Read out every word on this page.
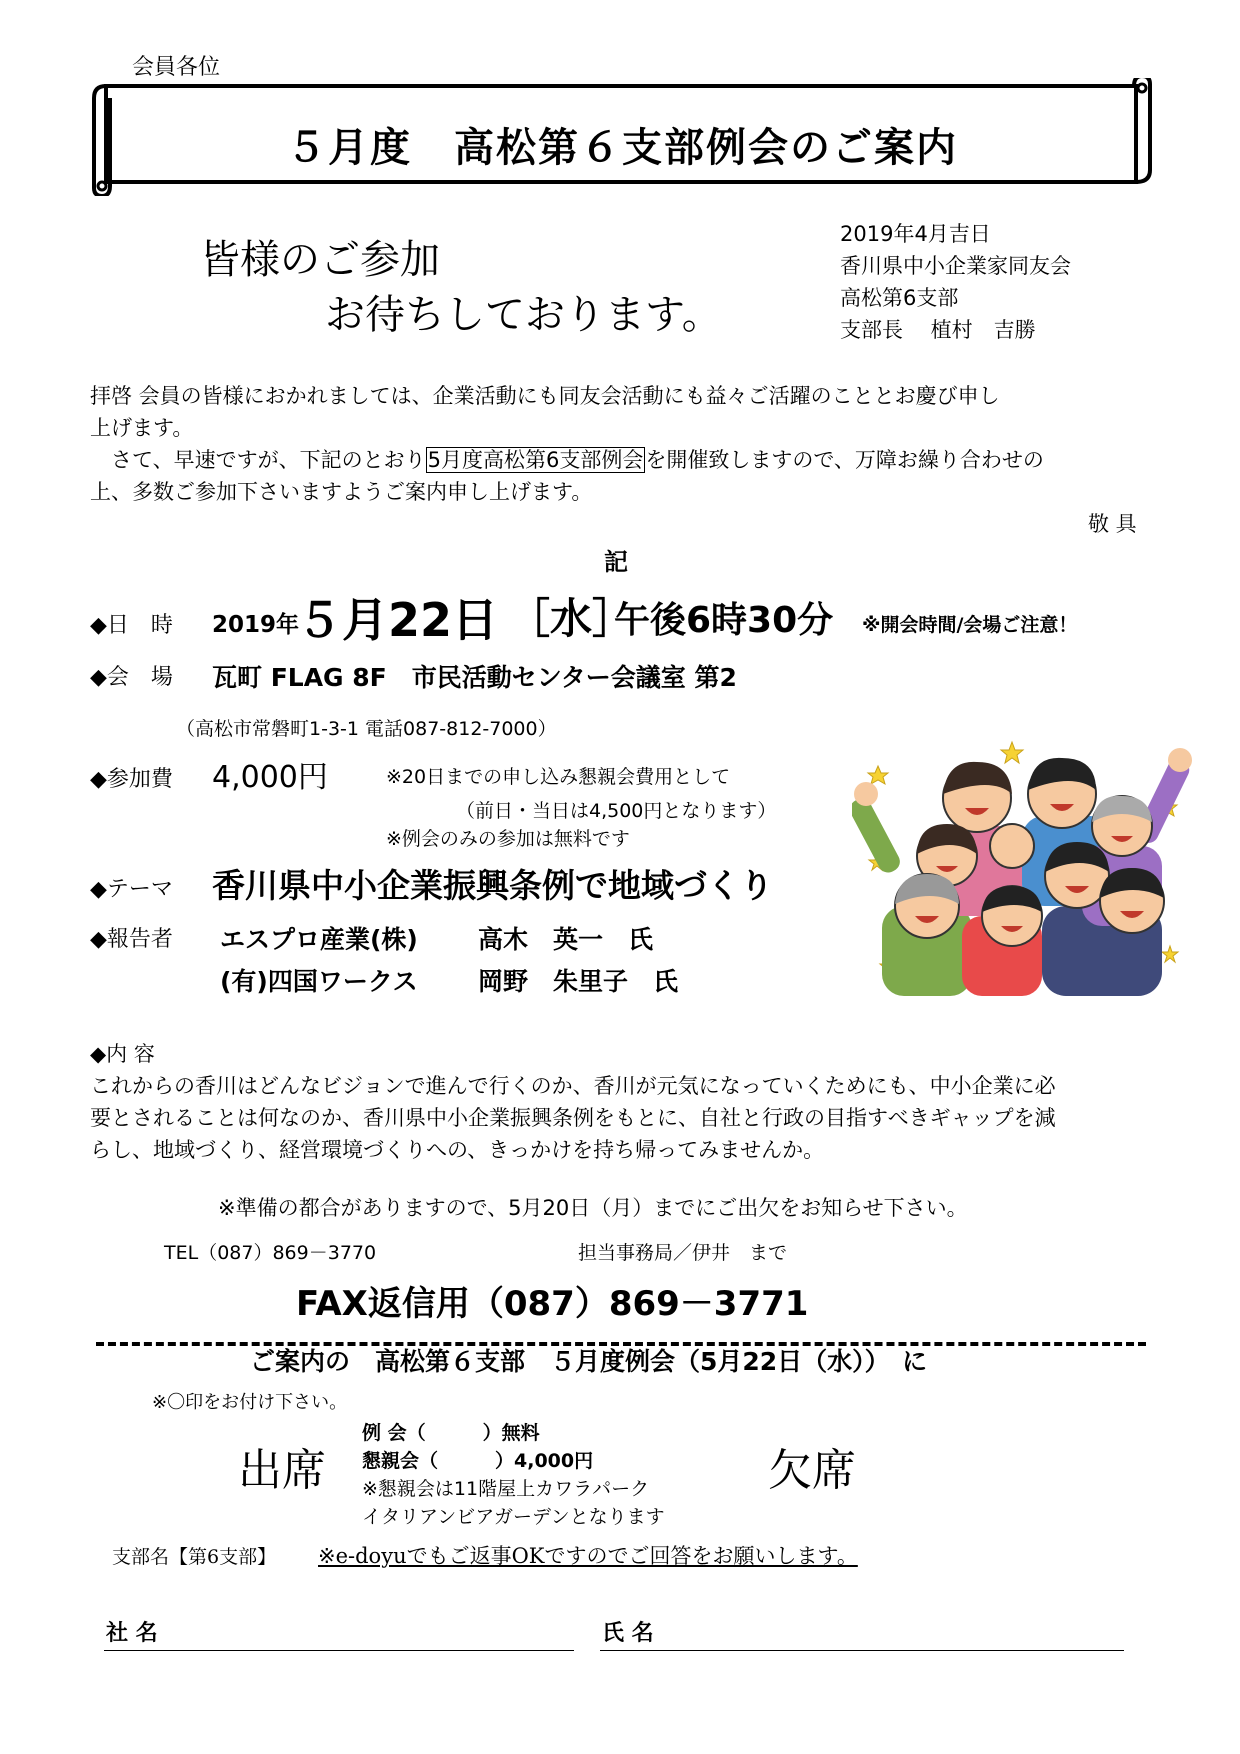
会員各位
５月度　高松第６支部例会のご案内
皆様のご参加
お待ちしております。
2019年4月吉日
香川県中小企業家同友会
高松第6支部
支部長　 植村　吉勝
拝啓 会員の皆様におかれましては、企業活動にも同友会活動にも益々ご活躍のこととお慶び申し
上げます。
　さて、早速ですが、下記のとおり5月度高松第6支部例会を開催致しますので、万障お繰り合わせの
上、多数ご参加下さいますようご案内申し上げます。
敬 具
記
◆日　時 2019年
５月22日 ［水］
午後6時30分 ※開会時間/会場ご注意！
◆会　場 瓦町 FLAG 8F　市民活動センター会議室 第2
（高松市常磐町1-3-1 電話087-812-7000）
◆参加費 4,000円	※20日までの申し込み懇親会費用として
（前日・当日は4,500円となります）
※例会のみの参加は無料です
◆テーマ 香川県中小企業振興条例で地域づくり
◆報告者 エスプロ産業(株) 高木　英一　氏
(有)四国ワークス 岡野　朱里子　氏
◆内 容
これからの香川はどんなビジョンで進んで行くのか、香川が元気になっていくためにも、中小企業に必
要とされることは何なのか、香川県中小企業振興条例をもとに、自社と行政の目指すべきギャップを減
らし、地域づくり、経営環境づくりへの、きっかけを持ち帰ってみませんか。
※準備の都合がありますので、5月20日（月）までにご出欠をお知らせ下さい。
TEL（087）869－3770	担当事務局／伊井　まで
FAX返信用（087）869－3771
ご案内の　高松第６支部　５月度例会（5月22日（水））　に
※〇印をお付け下さい。
出席
例 会（　　　）無料
懇親会（　　　）4,000円
※懇親会は11階屋上カワラパーク
イタリアンビアガーデンとなります
欠席
支部名【第6支部】 ※e-doyuでもご返事OKですのでご回答をお願いします。
社 名	氏 名
